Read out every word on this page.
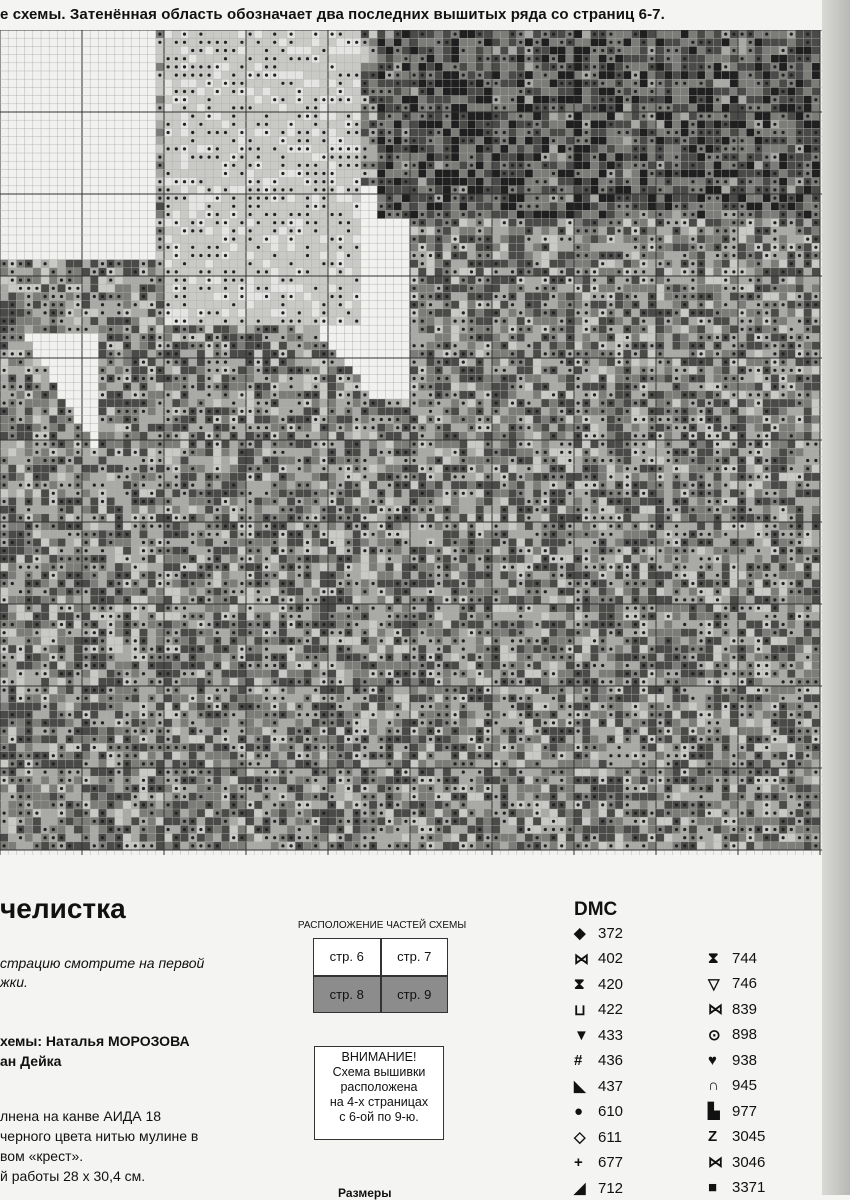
е схемы. Затенённая область обозначает два последних вышитых ряда со страниц 6-7.
челистка

страцию смотрите на первой

жки.

хемы: Наталья МОРОЗОВА

ан Дейка

лнена на канве АИДА 18

черного цвета нитью мулине в

вом «крест».

й работы 28 х 30,4 см.

РАСПОЛОЖЕНИЕ ЧАСТЕЙ СХЕМЫ
стр. 6	стр. 7
стр. 8	стр. 9
ВНИМАНИЕ!
Схема вышивки
расположена
на 4-х страницах
с 6-ой по 9-ю.
Размеры
DMC
◆ 372
⋈ 402
⧗ 420
⊔ 422
▼ 433
#	436
◣ 437
● 610
◇ 611
+	677
◢ 712
⧗ 744
▽ 746
⋈ 839
⊙ 898
♥	938
∩ 945
▙ 977
Z 3045
⋈ 3046
■ 3371
